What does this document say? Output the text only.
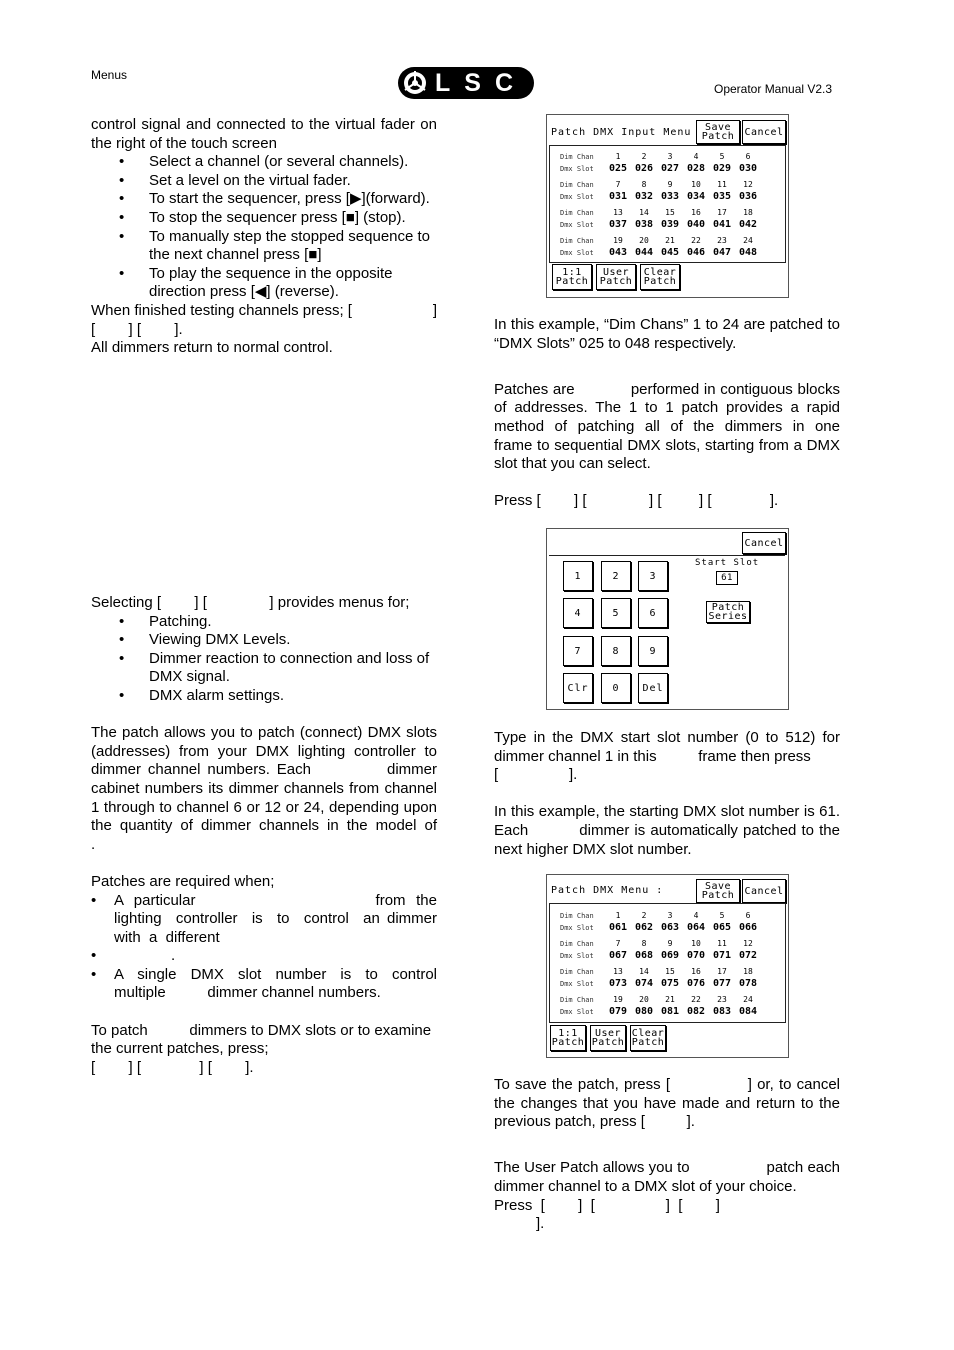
Menus
Operator Manual V2.3
LSC

control signal and connected to the virtual fader on the right of the touch screen

• Select a channel (or several channels).
• Set a level on the virtual fader.
• To start the sequencer, press [▶](forward).
• To stop the sequencer press [■] (stop).
• To manually step the stopped sequence to the next channel press [■]
• To play the sequence in the opposite direction press [◀] (reverse).
When finished testing channels press; [	]

[        ] [        ].

All dimmers return to normal control.

Selecting [        ] [               ] provides menus for;

• Patching.
• Viewing DMX Levels.
• Dimmer reaction to connection and loss of DMX signal.
• DMX alarm settings.

The patch allows you to patch (connect) DMX slots (addresses) from your DMX lighting controller to           dimmer channel numbers. Each           dimmer cabinet numbers its dimmer channels from channel 1 through to channel 6 or 12 or 24, depending upon the quantity of dimmer channels in the model of          .

Patches are required when;

• A  particular                                  from  the lighting  controller  is  to  control  an dimmer  with  a  different
• .
• A  single  DMX  slot  number  is  to  control multiple          dimmer channel numbers.

To patch          dimmers to DMX slots or to examine the current patches, press;

[        ] [              ] [        ].

Patch DMX Input Menu	Save Patch	Cancel
Dim Chan	1	2	3	4	5	6
Dmx Slot	025 026 027 028 029 030
Dim Chan	7	8	9	10	11	12
Dmx Slot	031 032 033 034 035 036
Dim Chan	13	14	15	16	17	18
Dmx Slot	037 038 039 040 041 042
Dim Chan	19	20	21	22	23	24
Dmx Slot	043 044 045 046 047 048
1:1 Patch
User Patch
Clear Patch

In this example, “Dim Chans” 1 to 24 are patched to “DMX Slots” 025 to 048 respectively.

Patches are            performed in contiguous blocks of addresses. The 1 to 1 patch provides a rapid method of patching all of the dimmers in one          frame to sequential DMX slots, starting from a DMX slot that you can select.

Press [        ] [               ] [         ] [              ].

Cancel
1	2	3
4	5	6
7	8	9
Clr 0 Del
Start Slot
61
Patch Series

Type in the DMX start slot number (0 to 512) for dimmer channel 1 in this          frame then press

[                 ].

In this example, the starting DMX slot number is 61. Each          dimmer is automatically patched to the next higher DMX slot number.

Patch DMX Menu :	Save Patch	Cancel
Dim Chan	1	2	3	4	5	6
Dmx Slot	061 062 063 064 065 066
Dim Chan	7	8	9	10	11	12
Dmx Slot	067 068 069 070 071 072
Dim Chan	13	14	15	16	17	18
Dmx Slot	073 074 075 076 077 078
Dim Chan	19	20	21	22	23	24
Dmx Slot	079 080 081 082 083 084
1:1 Patch
User Patch
Clear Patch

To save the patch, press [               ] or, to cancel the changes that you have made and return to the previous patch, press [          ].

The User Patch allows you to                  patch each          dimmer channel to a DMX slot of your choice.

Press  [        ]  [                 ]  [        ]

].
